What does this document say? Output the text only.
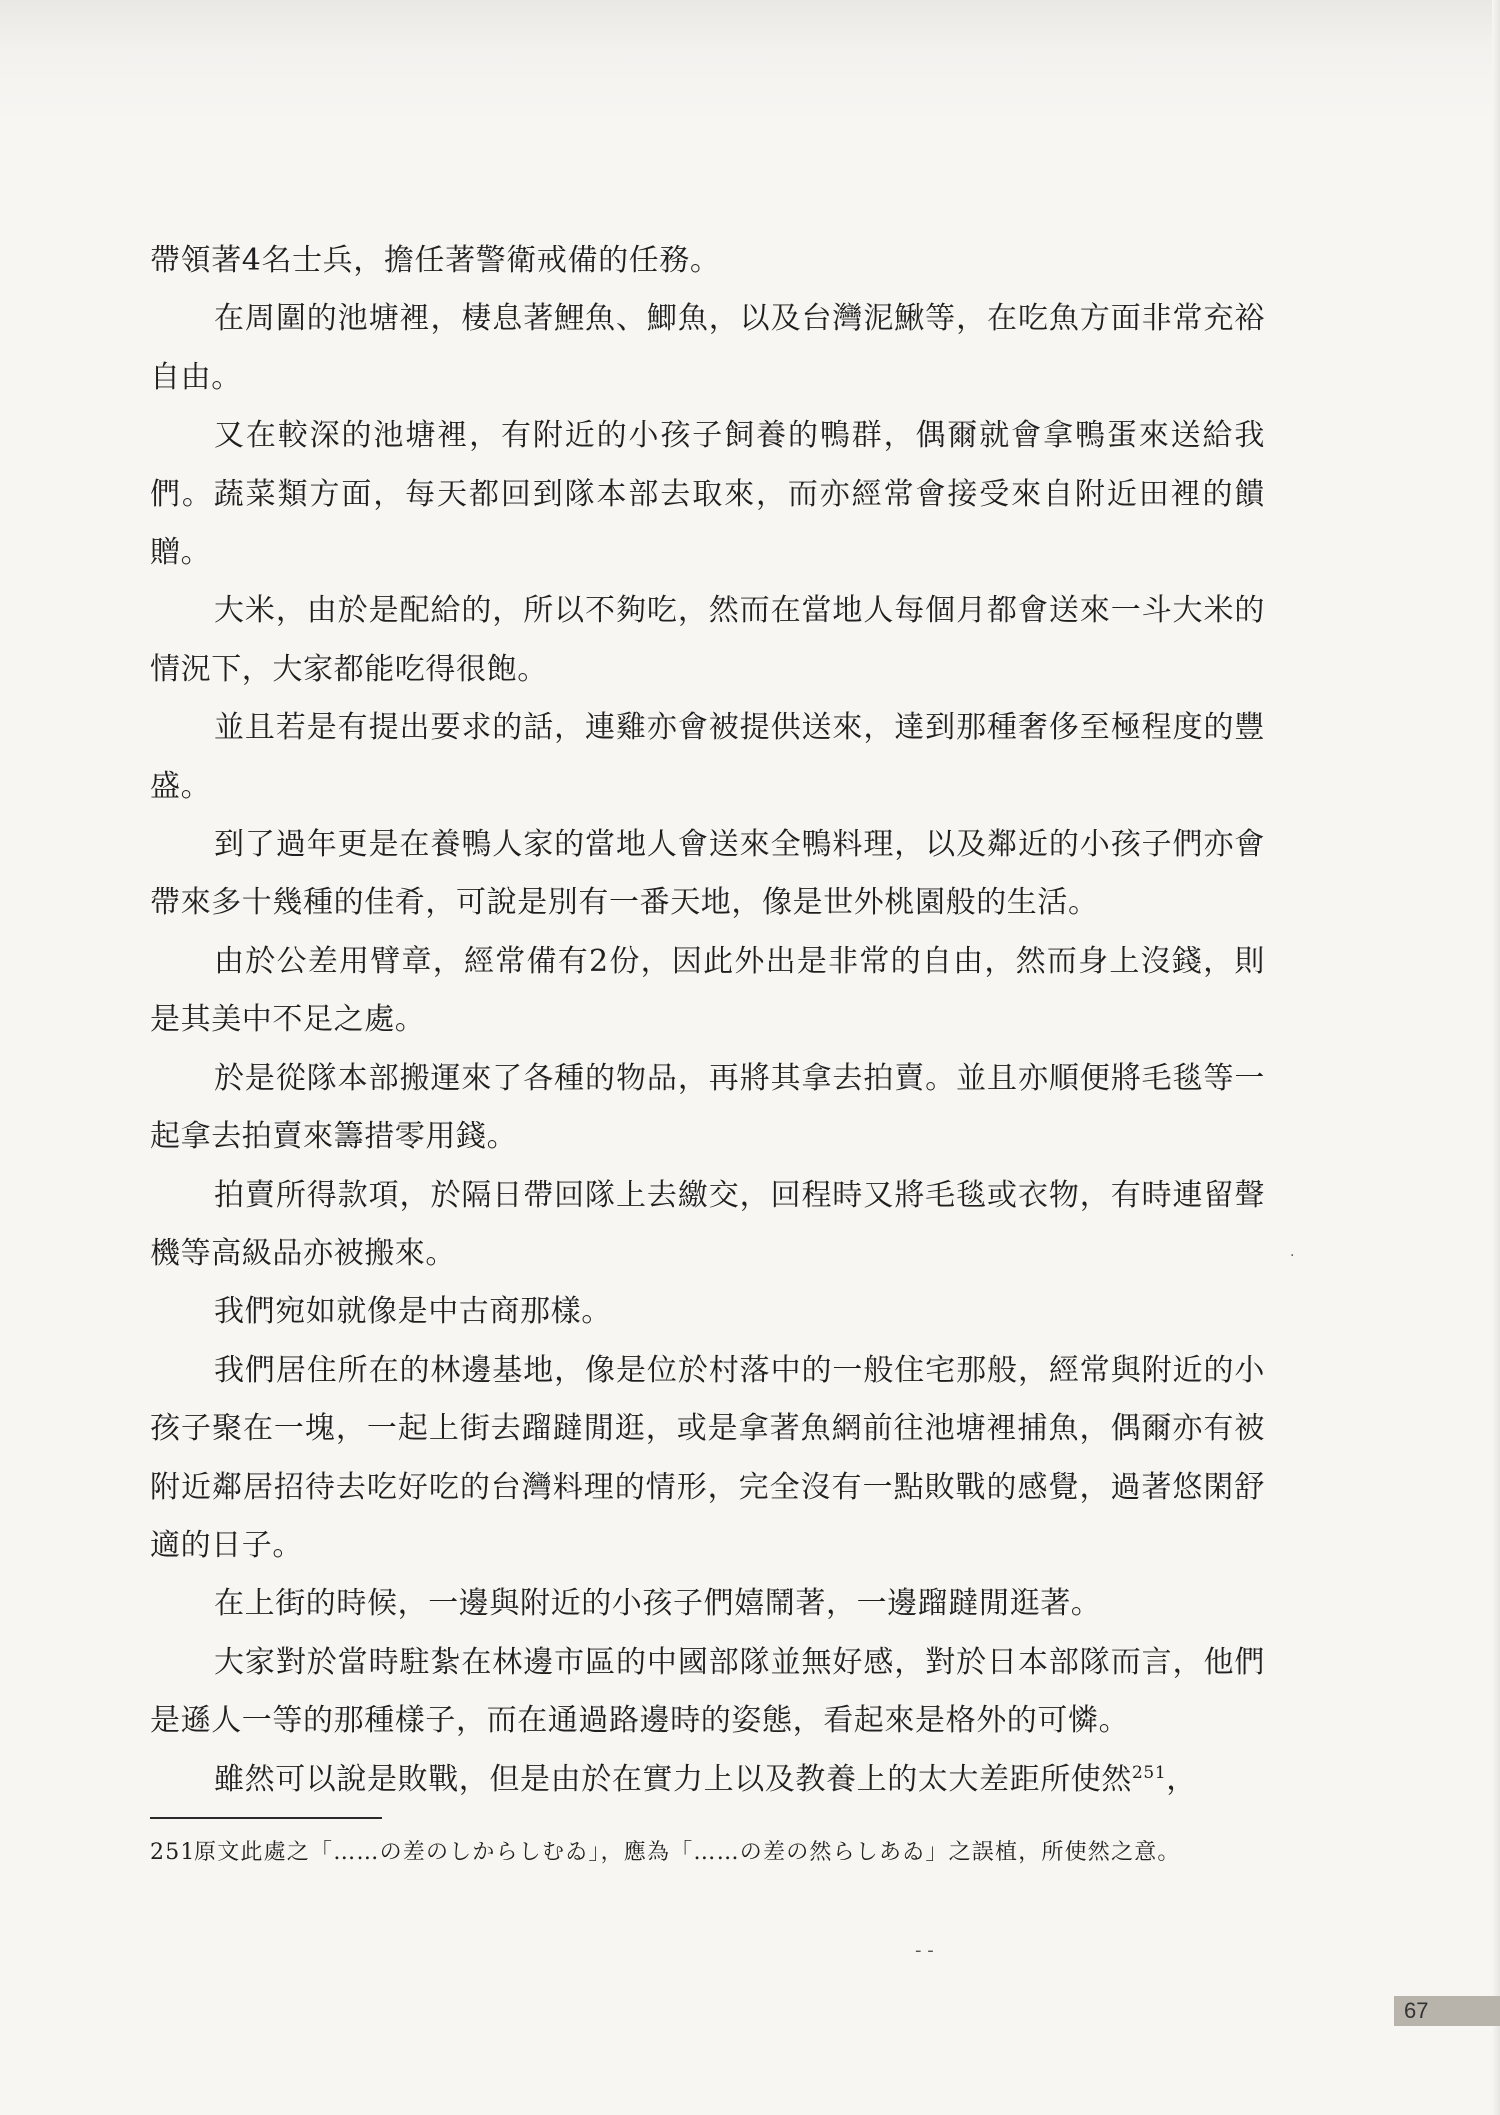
帶領著4名士兵，擔任著警衛戒備的任務。

在周圍的池塘裡，棲息著鯉魚、鯽魚，以及台灣泥鰍等，在吃魚方面非常充裕自由。

又在較深的池塘裡，有附近的小孩子飼養的鴨群，偶爾就會拿鴨蛋來送給我們。蔬菜類方面，每天都回到隊本部去取來，而亦經常會接受來自附近田裡的饋贈。

大米，由於是配給的，所以不夠吃，然而在當地人每個月都會送來一斗大米的情況下，大家都能吃得很飽。

並且若是有提出要求的話，連雞亦會被提供送來，達到那種奢侈至極程度的豐盛。

到了過年更是在養鴨人家的當地人會送來全鴨料理，以及鄰近的小孩子們亦會帶來多十幾種的佳肴，可說是別有一番天地，像是世外桃園般的生活。

由於公差用臂章，經常備有2份，因此外出是非常的自由，然而身上沒錢，則是其美中不足之處。

於是從隊本部搬運來了各種的物品，再將其拿去拍賣。並且亦順便將毛毯等一起拿去拍賣來籌措零用錢。

拍賣所得款項，於隔日帶回隊上去繳交，回程時又將毛毯或衣物，有時連留聲機等高級品亦被搬來。

我們宛如就像是中古商那樣。

我們居住所在的林邊基地，像是位於村落中的一般住宅那般，經常與附近的小孩子聚在一塊，一起上街去蹓躂閒逛，或是拿著魚網前往池塘裡捕魚，偶爾亦有被附近鄰居招待去吃好吃的台灣料理的情形，完全沒有一點敗戰的感覺，過著悠閑舒適的日子。

在上街的時候，一邊與附近的小孩子們嬉鬧著，一邊蹓躂閒逛著。

大家對於當時駐紮在林邊市區的中國部隊並無好感，對於日本部隊而言，他們是遜人一等的那種樣子，而在通過路邊時的姿態，看起來是格外的可憐。

雖然可以說是敗戰，但是由於在實力上以及教養上的太大差距所使然$^{251}$，

251原文此處之「……の差のしからしむゐ」，應為「……の差の然らしあゐ」之誤植，所使然之意。

·
‐ ‐
67
